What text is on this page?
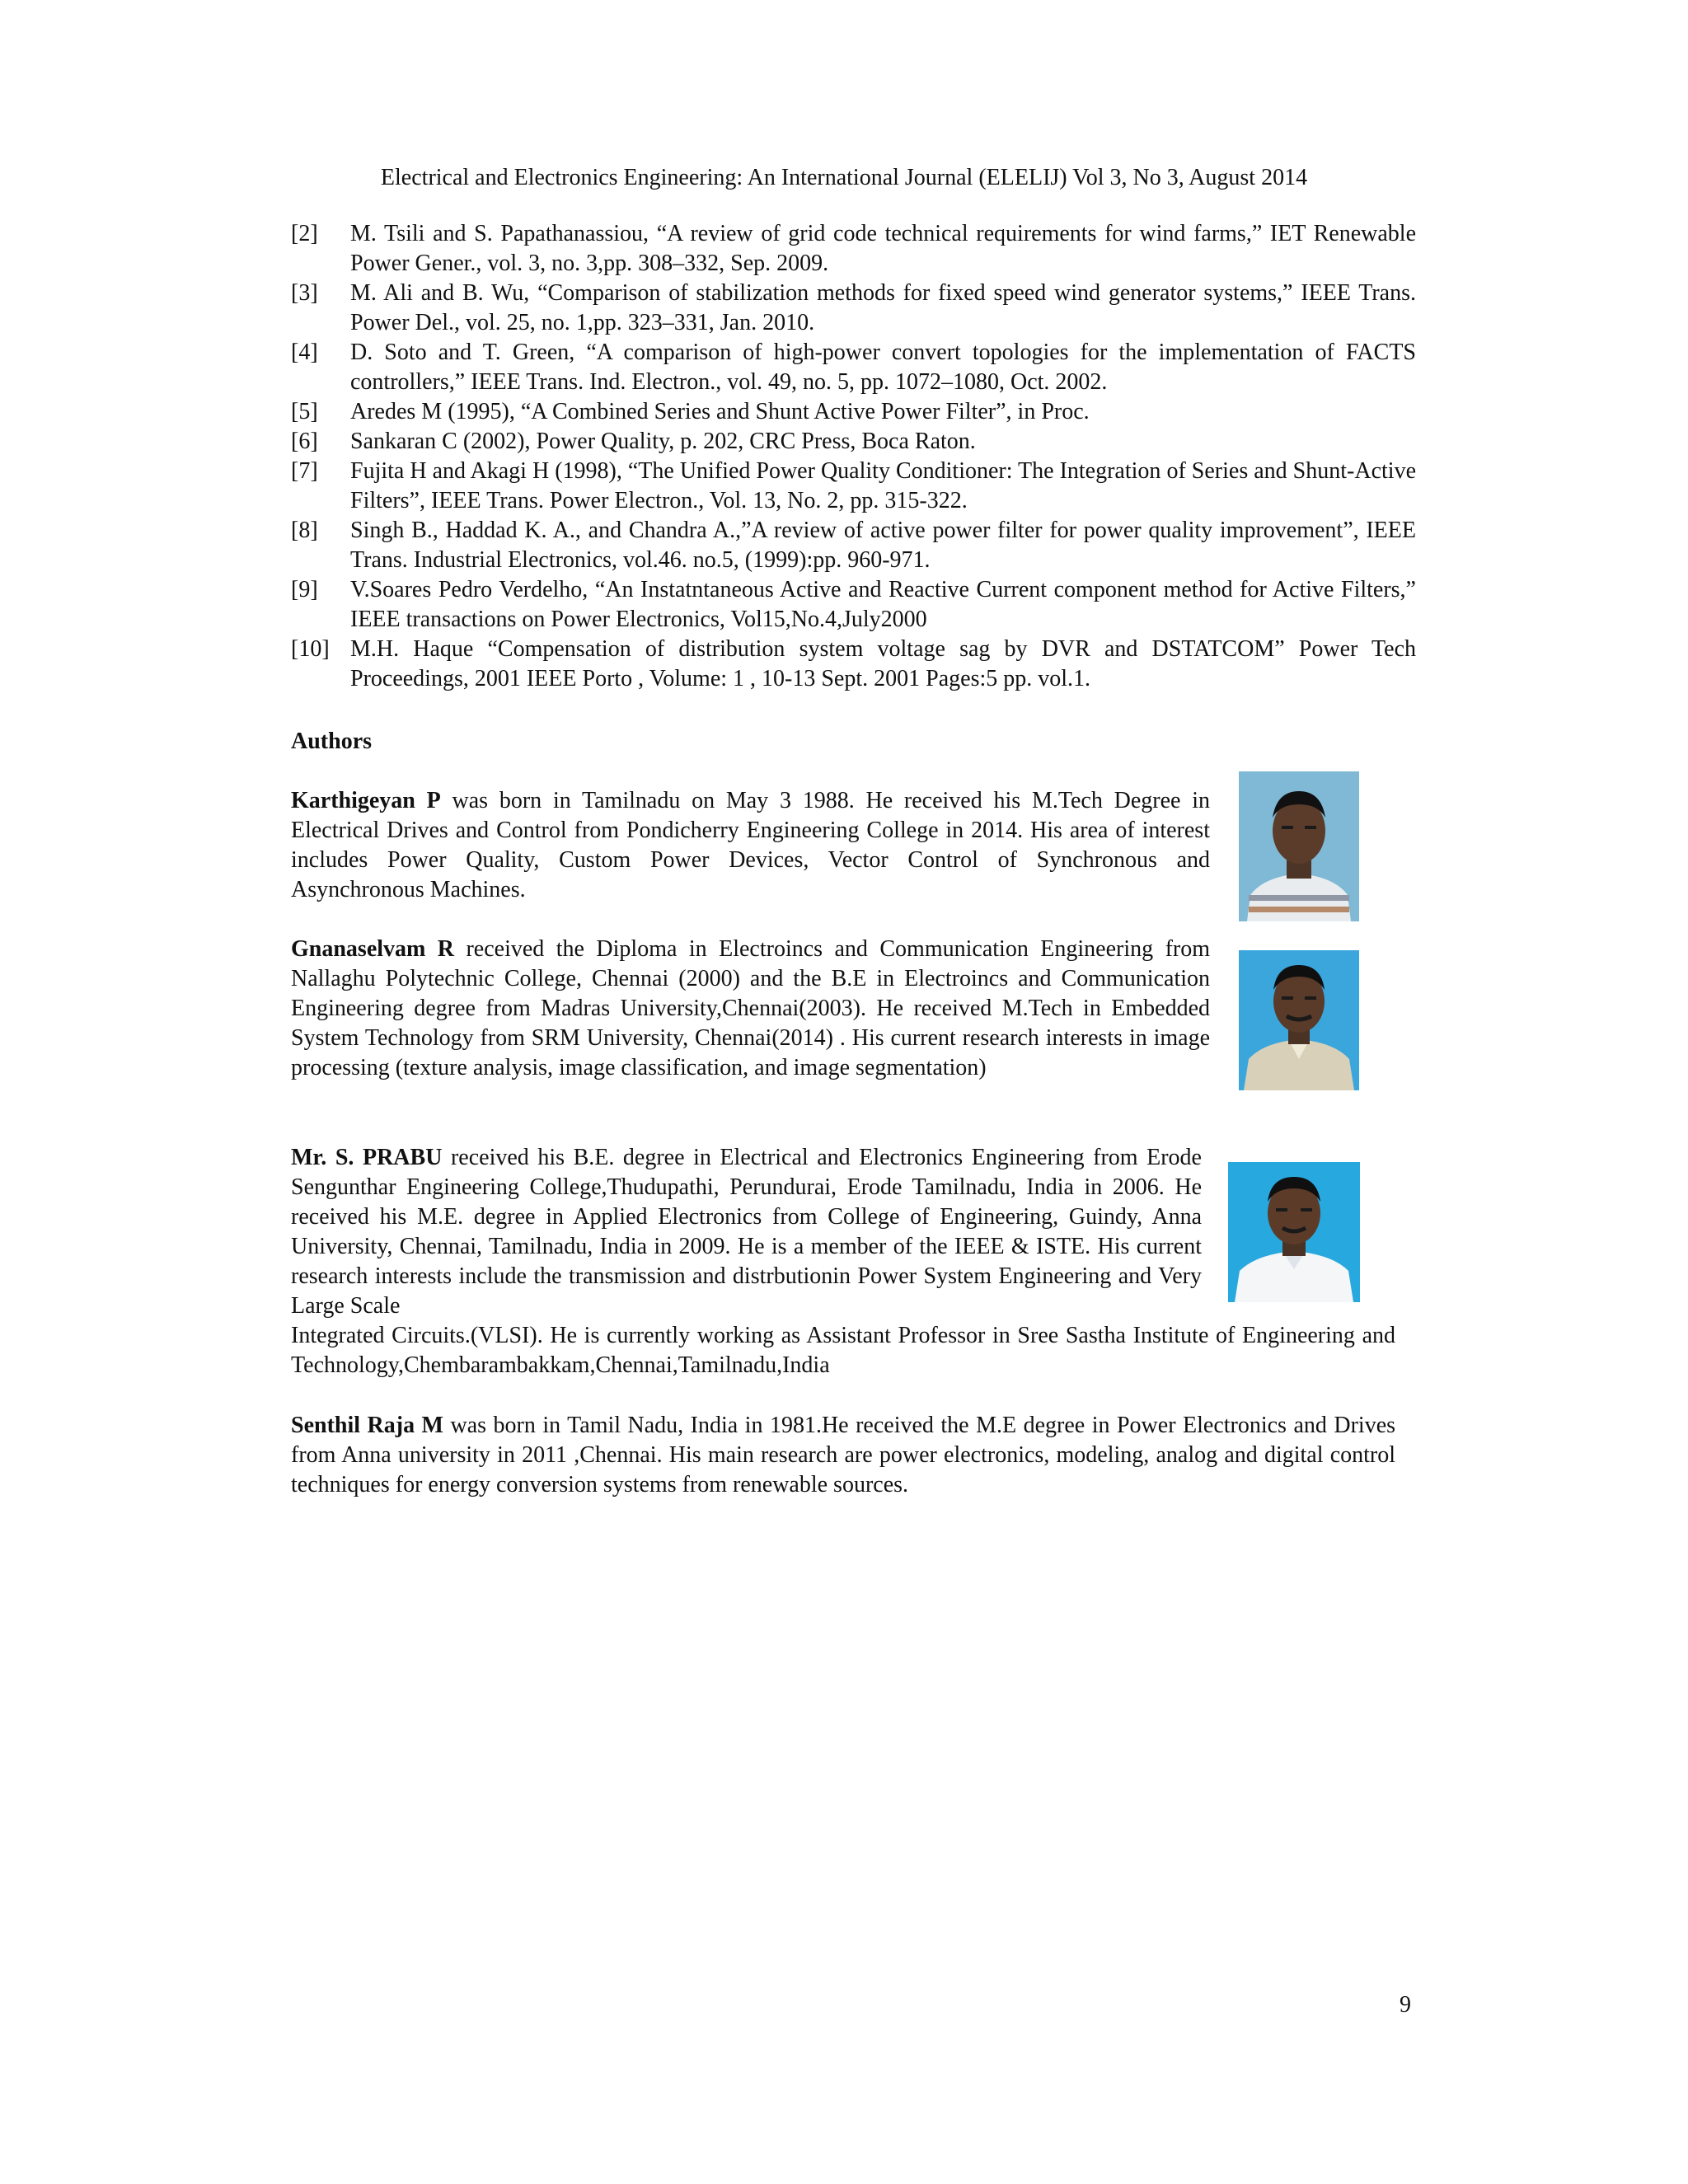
Electrical and Electronics Engineering: An International Journal (ELELIJ) Vol 3, No 3, August 2014
[2] M. Tsili and S. Papathanassiou, “A review of grid code technical requirements for wind farms,” IET Renewable Power Gener., vol. 3, no. 3,pp. 308–332, Sep. 2009.
[3] M. Ali and B. Wu, “Comparison of stabilization methods for fixed speed wind generator systems,” IEEE Trans. Power Del., vol. 25, no. 1,pp. 323–331, Jan. 2010.
[4] D. Soto and T. Green, “A comparison of high-power convert topologies for the implementation of FACTS controllers,” IEEE Trans. Ind. Electron., vol. 49, no. 5, pp. 1072–1080, Oct. 2002.
[5] Aredes M (1995), “A Combined Series and Shunt Active Power Filter”, in Proc.
[6] Sankaran C (2002), Power Quality, p. 202, CRC Press, Boca Raton.
[7] Fujita H and Akagi H (1998), “The Unified Power Quality Conditioner: The Integration of Series and Shunt-Active Filters”, IEEE Trans. Power Electron., Vol. 13, No. 2, pp. 315-322.
[8] Singh B., Haddad K. A., and Chandra A.,”A review of active power filter for power quality improvement”, IEEE Trans. Industrial Electronics, vol.46. no.5, (1999):pp. 960-971.
[9] V.Soares Pedro Verdelho, “An Instatntaneous Active and Reactive Current component method for Active Filters,” IEEE transactions on Power Electronics, Vol15,No.4,July2000
[10] M.H. Haque “Compensation of distribution system voltage sag by DVR and DSTATCOM” Power Tech Proceedings, 2001 IEEE Porto , Volume: 1 , 10-13 Sept. 2001 Pages:5 pp. vol.1.
Authors
Karthigeyan P was born in Tamilnadu on May 3 1988. He received his M.Tech Degree in Electrical Drives and Control from Pondicherry Engineering College in 2014. His area of interest includes Power Quality, Custom Power Devices, Vector Control of Synchronous and Asynchronous Machines.
Gnanaselvam R received the Diploma in Electroincs and Communication Engineering from Nallaghu Polytechnic College, Chennai (2000) and the B.E in Electroincs and Communication Engineering degree from Madras University,Chennai(2003). He received M.Tech in Embedded System Technology from SRM University, Chennai(2014) . His current research interests in image processing (texture analysis, image classification, and image segmentation)
Mr. S. PRABU received his B.E. degree in Electrical and Electronics Engineering from Erode Sengunthar Engineering College,Thudupathi, Perundurai, Erode Tamilnadu, India in 2006. He received his M.E. degree in Applied Electronics from College of Engineering, Guindy, Anna University, Chennai, Tamilnadu, India in 2009. He is a member of the IEEE & ISTE. His current research interests include the transmission and distrbutionin Power System Engineering and Very Large Scale
Integrated Circuits.(VLSI). He is currently working as Assistant Professor in Sree Sastha Institute of Engineering and Technology,Chembarambakkam,Chennai,Tamilnadu,India
Senthil Raja M was born in Tamil Nadu, India in 1981.He received the M.E degree in Power Electronics and Drives from Anna university in 2011 ,Chennai. His main research are power electronics, modeling, analog and digital control techniques for energy conversion systems from renewable sources.
9
